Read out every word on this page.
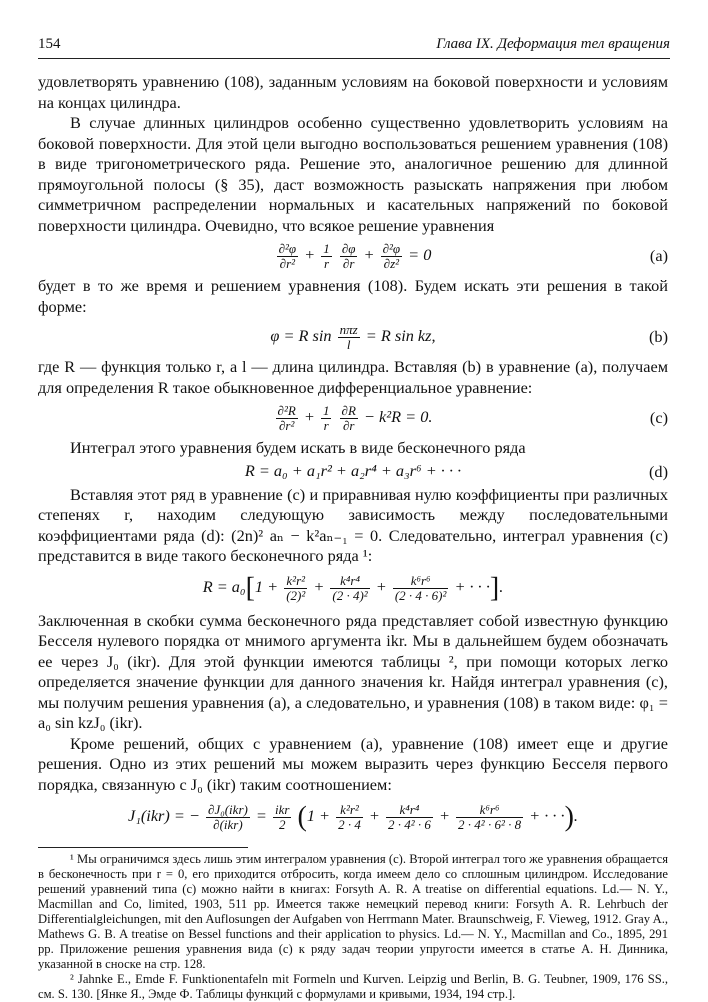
154	Глава IX. Деформация тел вращения

удовлетворять уравнению (108), заданным условиям на боковой поверхности и условиям на концах цилиндра.

В случае длинных цилиндров особенно существенно удовлетворить условиям на боковой поверхности. Для этой цели выгодно воспользоваться решением уравнения (108) в виде тригонометрического ряда. Решение это, аналогичное решению для длинной прямоугольной полосы (§ 35), даст возможность разыскать напряжения при любом симметричном распределении нормальных и касательных напряжений по боковой поверхности цилиндра. Очевидно, что всякое решение уравнения

$\frac{\text{∂²φ}}{\text{∂r²}} + \frac{1}{r}$
$\frac{\partial\varphi}{\partial r} + \frac{\text{∂²φ}}{\text{∂z²}} = 0$	(a)

будет в то же время и решением уравнения (108). Будем искать эти решения в такой форме:

φ = R $\sin \frac{\text{nπz}}{l} = R$ sin kz,	(b)

где R — функция только r, а l — длина цилиндра. Вставляя (b) в уравнение (a), получаем для определения R такое обыкновенное дифференциальное уравнение:

$\frac{\text{∂²R}}{\text{∂r²}} + \frac{1}{r}$
$\frac{\partial R}{\partial r} - k^2R = 0$.	(c)

Интеграл этого уравнения будем искать в виде бесконечного ряда

R = a₀ + a₁r² + a₂r⁴ + a₃r⁶ + · · ·	(d)

Вставляя этот ряд в уравнение (c) и приравнивая нулю коэффициенты при различных степенях r, находим следующую зависимость между последовательными коэффициентами ряда (d): (2n)² aₙ − k²aₙ₋₁ = 0. Следовательно, интеграл уравнения (c) представится в виде такого бесконечного ряда ¹:

$R = a_0[1 + \frac{\text{k²r²}}{\text{(2)²}} + \frac{\text{k⁴r⁴}}{\text{(2 · 4)²}} + \frac{\text{k⁶r⁶}}{\text{(2 · 4 · 6)²}}$ + · · ·].

Заключенная в скобки сумма бесконечного ряда представляет собой известную функцию Бесселя нулевого порядка от мнимого аргумента ikr. Мы в дальнейшем будем обозначать ее через J₀ (ikr). Для этой функции имеются таблицы ², при помощи которых легко определяется значение функции для данного значения kr. Найдя интеграл уравнения (c), мы получим решения уравнения (a), а следовательно, и уравнения (108) в таком виде: φ₁ = a₀ sin kzJ₀ (ikr).

Кроме решений, общих с уравнением (a), уравнение (108) имеет еще и другие решения. Одно из этих решений мы можем выразить через функцию Бесселя первого порядка, связанную с J₀ (ikr) таким соотношением:

J₁(ikr) = − $\frac{\text{∂J₀(ikr)}}{\text{∂(ikr)}} = \frac{\text{ikr}}{2} (1 + \frac{\text{k²r²}}{2 \cdot 4} + \frac{\text{k⁴r⁴}}{\text{2 · 4² · 6}} + \frac{\text{k⁶r⁶}}{\text{2 · 4² · 6² · 8}}$ + · · ·).

¹ Мы ограничимся здесь лишь этим интегралом уравнения (c). Второй интеграл того же уравнения обращается в бесконечность при r = 0, его приходится отбросить, когда имеем дело со сплошным цилиндром. Исследование решений уравнений типа (c) можно найти в книгах: Forsyth A. R. A treatise on differential equations. Ld.— N. Y., Macmillan and Co, limited, 1903, 511 pp. Имеется также немецкий перевод книги: Forsyth A. R. Lehrbuch der Differentialgleichungen, mit den Auflosungen der Aufgaben von Herrmann Mater. Braunschweig, F. Vieweg, 1912. Gray A., Mathews G. B. A treatise on Bessel functions and their application to physics. Ld.— N. Y., Macmillan and Co., 1895, 291 pp. Приложение решения уравнения вида (c) к ряду задач теории упругости имеется в статье А. Н. Динника, указанной в сноске на стр. 128.

² Jahnke E., Emde F. Funktionentafeln mit Formeln und Kurven. Leipzig und Berlin, B. G. Teubner, 1909, 176 SS., см. S. 130. [Янке Я., Эмде Ф. Таблицы функций с формулами и кривыми, 1934, 194 стр.].
